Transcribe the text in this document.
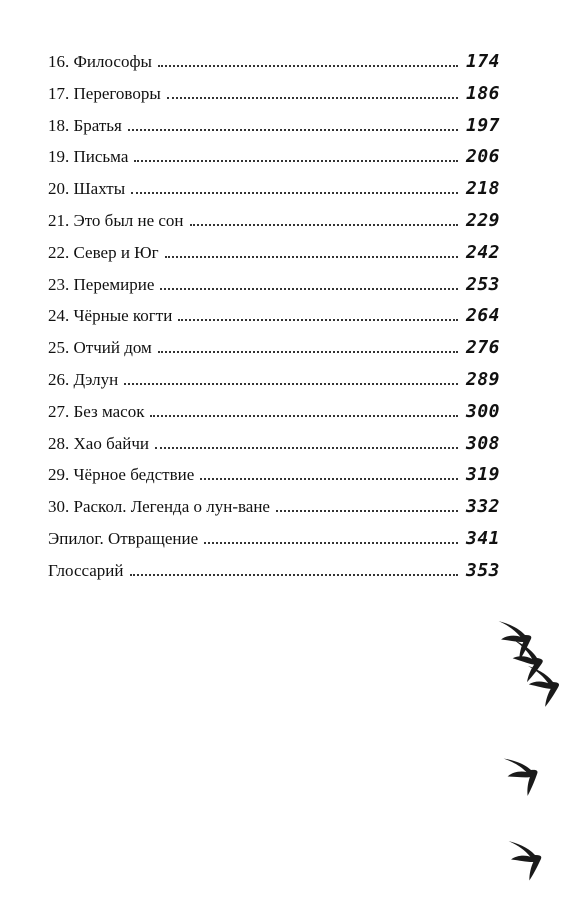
16. Философы	174
17. Переговоры	186
18. Братья	197
19. Письма	206
20. Шахты	218
21. Это был не сон	229
22. Север и Юг	242
23. Перемирие	253
24. Чёрные когти	264
25. Отчий дом	276
26. Дэлун	289
27. Без масок	300
28. Хао байчи	308
29. Чёрное бедствие	319
30. Раскол. Легенда о лун-ване	332
Эпилог. Отвращение	341
Глоссарий	353
